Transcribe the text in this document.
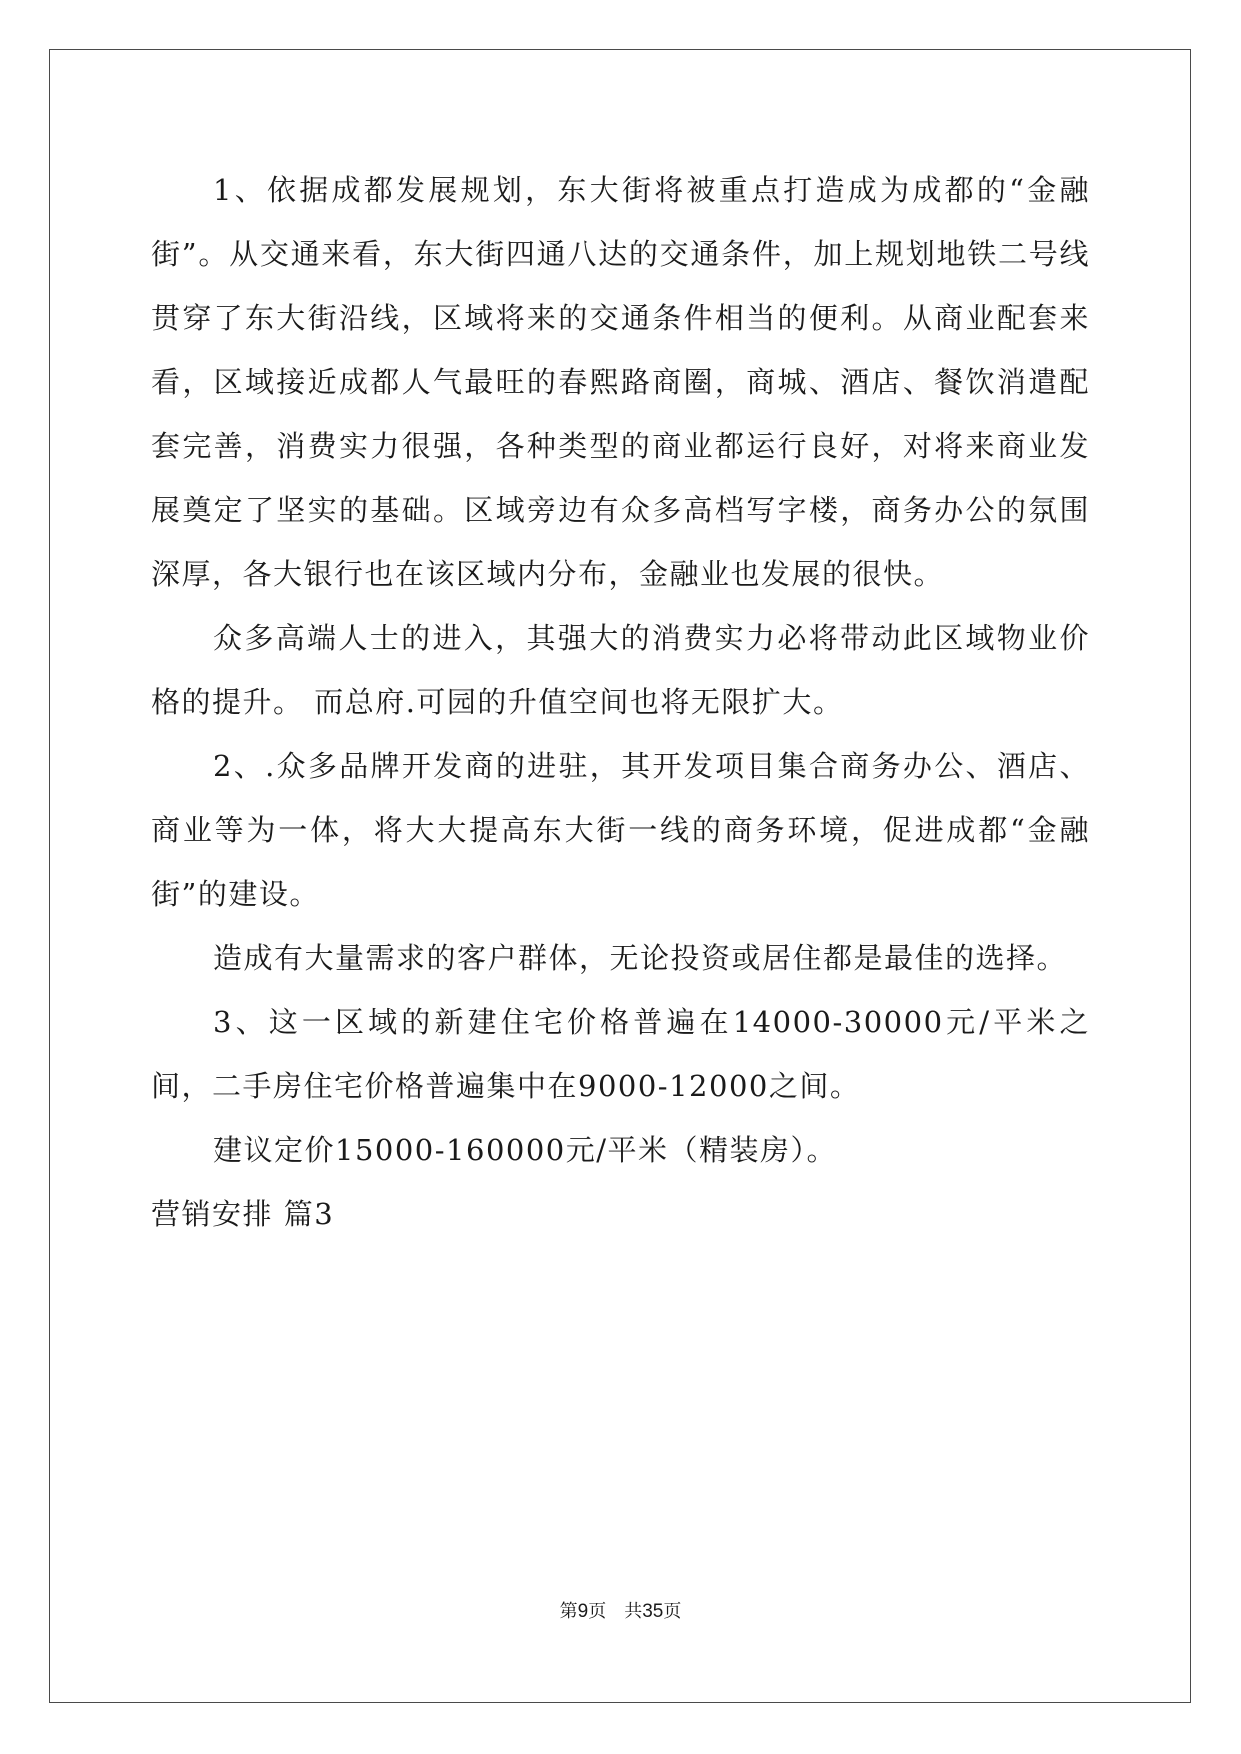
1、依据成都发展规划，东大街将被重点打造成为成都的“金融街”。从交通来看，东大街四通八达的交通条件，加上规划地铁二号线贯穿了东大街沿线，区域将来的交通条件相当的便利。从商业配套来看，区域接近成都人气最旺的春熙路商圈，商城、酒店、餐饮消遣配套完善，消费实力很强，各种类型的商业都运行良好，对将来商业发展奠定了坚实的基础。区域旁边有众多高档写字楼，商务办公的氛围深厚，各大银行也在该区域内分布，金融业也发展的很快。

众多高端人士的进入，其强大的消费实力必将带动此区域物业价格的提升。 而总府.可园的升值空间也将无限扩大。

2、.众多品牌开发商的进驻，其开发项目集合商务办公、酒店、商业等为一体，将大大提高东大街一线的商务环境，促进成都“金融街”的建设。

造成有大量需求的客户群体，无论投资或居住都是最佳的选择。

3、这一区域的新建住宅价格普遍在14000-30000元/平米之间，二手房住宅价格普遍集中在9000-12000之间。

建议定价15000-160000元/平米（精装房）。

营销安排 篇3

第9页 共35页
